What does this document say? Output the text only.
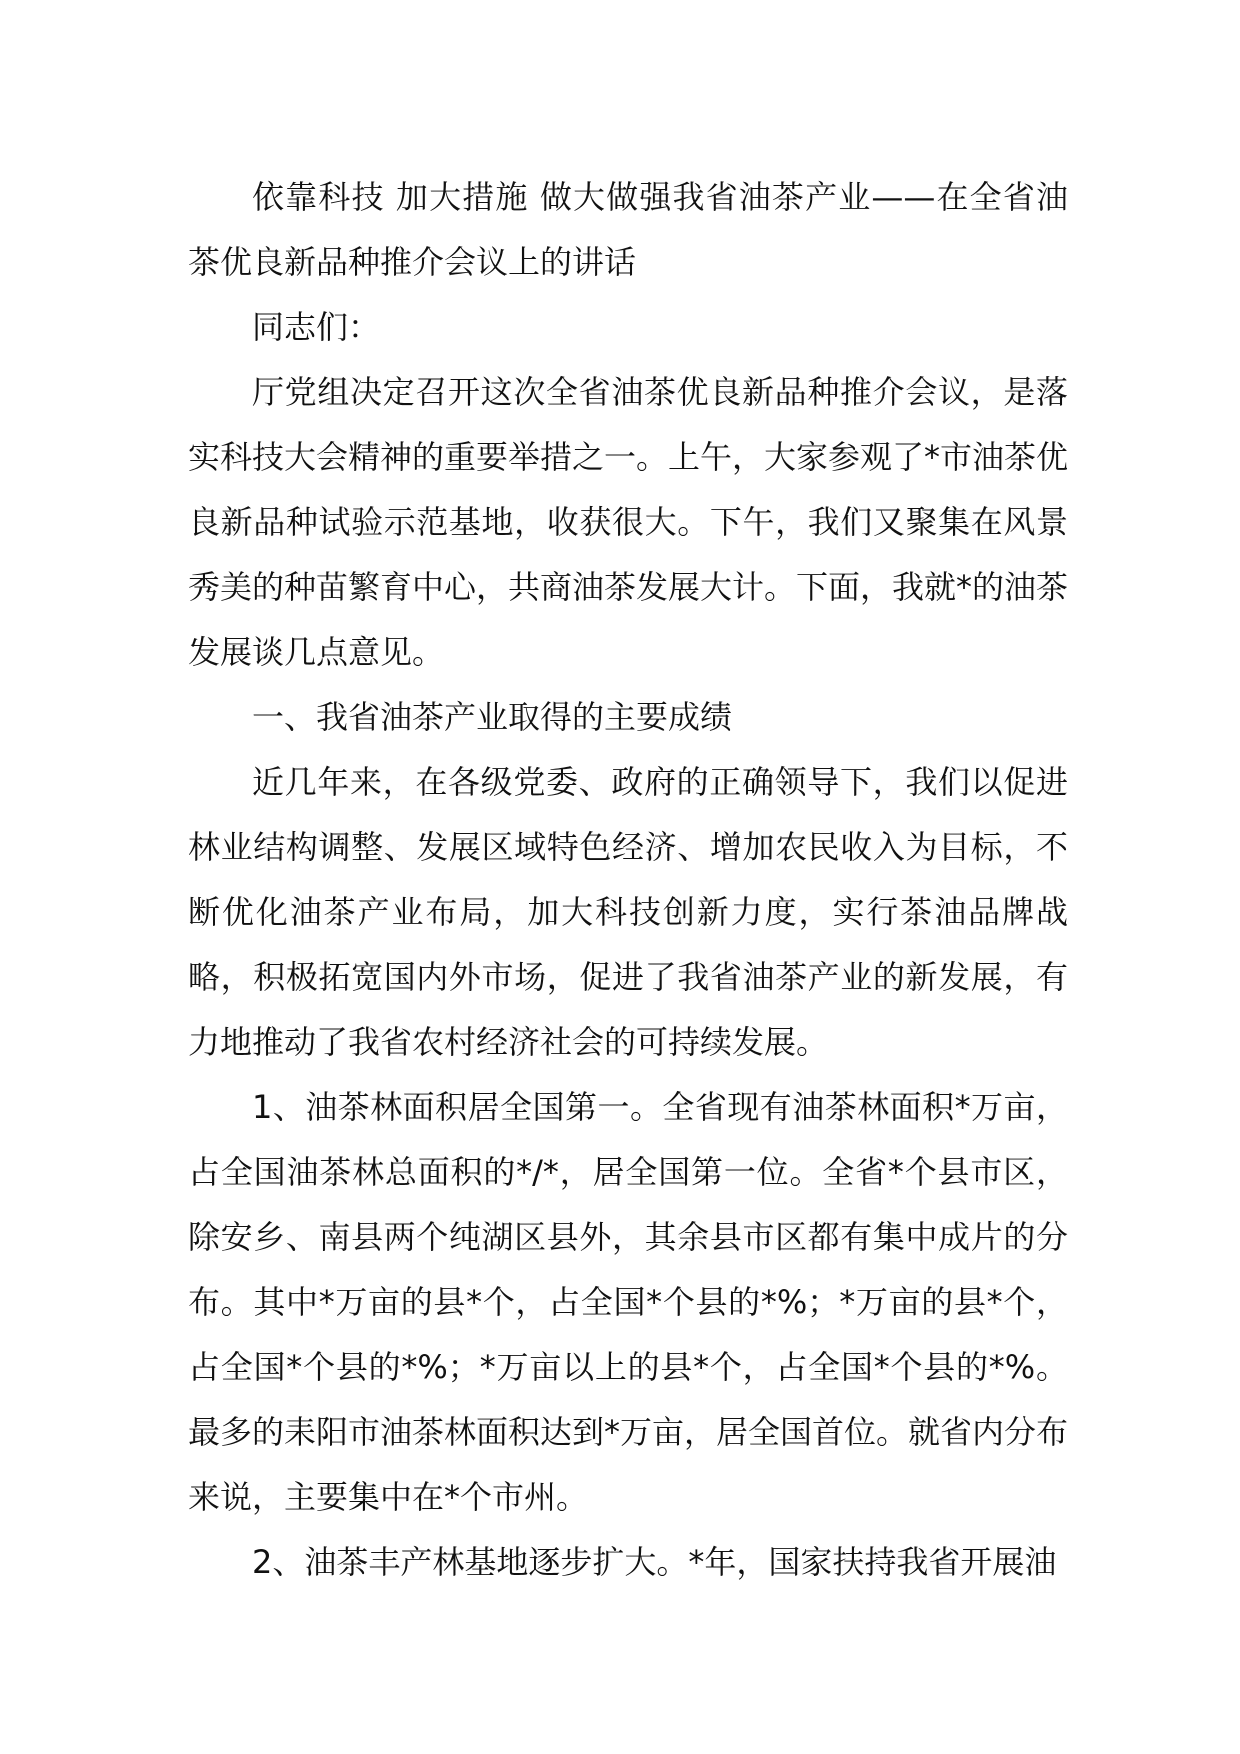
依靠科技 加大措施 做大做强我省油茶产业——在全省油茶优良新品种推介会议上的讲话

同志们：

厅党组决定召开这次全省油茶优良新品种推介会议，是落实科技大会精神的重要举措之一。上午，大家参观了*市油茶优良新品种试验示范基地，收获很大。下午，我们又聚集在风景秀美的种苗繁育中心，共商油茶发展大计。下面，我就*的油茶发展谈几点意见。

一、我省油茶产业取得的主要成绩

近几年来，在各级党委、政府的正确领导下，我们以促进林业结构调整、发展区域特色经济、增加农民收入为目标，不断优化油茶产业布局，加大科技创新力度，实行茶油品牌战略，积极拓宽国内外市场，促进了我省油茶产业的新发展，有力地推动了我省农村经济社会的可持续发展。

1、油茶林面积居全国第一。全省现有油茶林面积*万亩，占全国油茶林总面积的*/*，居全国第一位。全省*个县市区，除安乡、南县两个纯湖区县外，其余县市区都有集中成片的分布。其中*万亩的县*个，占全国*个县的*%；*万亩的县*个，占全国*个县的*%；*万亩以上的县*个，占全国*个县的*%。最多的耒阳市油茶林面积达到*万亩，居全国首位。就省内分布来说，主要集中在*个市州。

2、油茶丰产林基地逐步扩大。*年，国家扶持我省开展油
